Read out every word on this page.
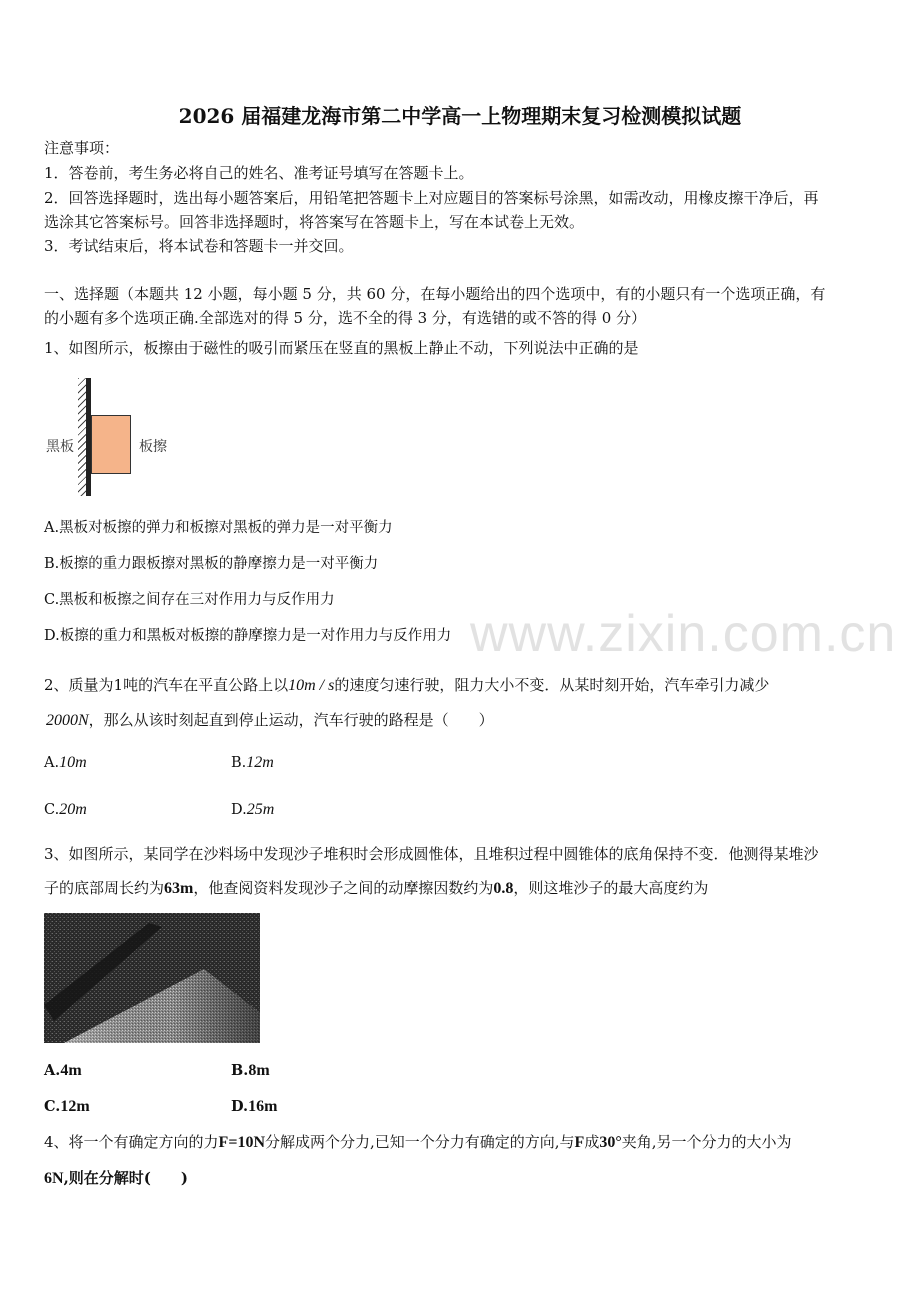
2026 届福建龙海市第二中学高一上物理期末复习检测模拟试题
注意事项：
1．答卷前，考生务必将自己的姓名、准考证号填写在答题卡上。
2．回答选择题时，选出每小题答案后，用铅笔把答题卡上对应题目的答案标号涂黑，如需改动，用橡皮擦干净后，再
选涂其它答案标号。回答非选择题时，将答案写在答题卡上，写在本试卷上无效。
3．考试结束后，将本试卷和答题卡一并交回。
一、选择题（本题共 12 小题，每小题 5 分，共 60 分，在每小题给出的四个选项中，有的小题只有一个选项正确，有
的小题有多个选项正确.全部选对的得 5 分，选不全的得 3 分，有选错的或不答的得 0 分）
1、如图所示，板擦由于磁性的吸引而紧压在竖直的黑板上静止不动，下列说法中正确的是
黑板	板擦
A.黑板对板擦的弹力和板擦对黑板的弹力是一对平衡力
B.板擦的重力跟板擦对黑板的静摩擦力是一对平衡力
C.黑板和板擦之间存在三对作用力与反作用力
D.板擦的重力和黑板对板擦的静摩擦力是一对作用力与反作用力 www.zixin.com.cn
2、质量为1吨的汽车在平直公路上以10m / s的速度匀速行驶，阻力大小不变．从某时刻开始，汽车牵引力减少
2000N，那么从该时刻起直到停止运动，汽车行驶的路程是（　　）
A.10m	B.12m
C.20m	D.25m
3、如图所示，某同学在沙料场中发现沙子堆积时会形成圆惟体，且堆积过程中圆锥体的底角保持不变．他测得某堆沙
子的底部周长约为63m，他查阅资料发现沙子之间的动摩擦因数约为0.8，则这堆沙子的最大高度约为
A.4m	B.8m
C.12m	D.16m
4、将一个有确定方向的力F=10N分解成两个分力,已知一个分力有确定的方向,与F成30°夹角,另一个分力的大小为
6N,则在分解时(　　)
